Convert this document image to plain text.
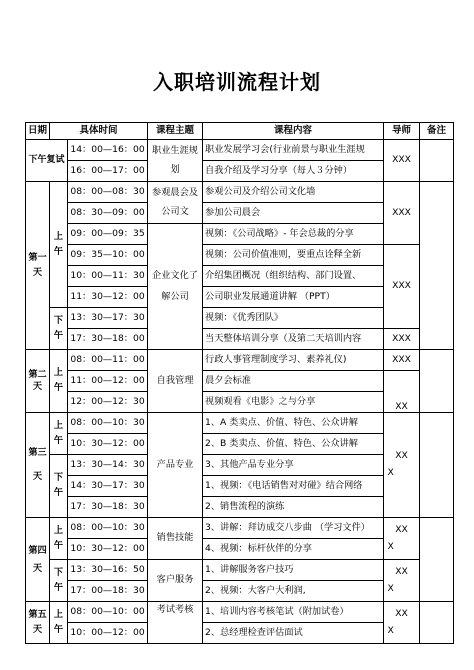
入职培训流程计划
日期	具体时间		课程主题	课程内容	导师	备注
下午复试		14：00—16：00	职业生涯规划	职业发展学习会(行业前景与职业生涯规	XXX	
		16：00—17：00		自我介绍及学习分享（每人３分钟）		
第一天	上午	08：00—08：30	参观晨会及公司文	参观公司及介绍公司文化墙	XXX	
		08：30—09：00		参加公司晨会		
		09：00—09：35	企业文化了解公司	视频：《公司战略》- 年会总裁的分享		
		09：35—10：00		视频：公司价值准则，要重点诠释全新	XXX	
		10：00—11：30		介绍集团概况（组织结构、部门设置、		
		11：30—12：00		公司职业发展通道讲解 （PPT）		
	下午	13：30—17：30		视频：《优秀团队》		
		17：30—18：00		当天整体培训分享（及第二天培训内容	XXX	
第二天	上午	08：00—11：00	自我管理	行政人事管理制度学习、素养礼仪)	XXX	
		11：00—12：00		晨夕会标准	XX	
		12：00—12：30		视频观看《电影》之与分享		
第三天	上午	08：00—10：30	产品专业	1、A 类卖点、价值、特色、公众讲解	XX
X	
		10：30—12：00		2、B 类卖点、价值、特色、公众讲解		
	下午	13：30—14：30		3、其他产品专业分享		
		14：30—17：30		1、视频：《电话销售对对碰》结合网络		
		17：30—18：30		2、销售流程的演练		
第四天	上午	08：00—10：30	销售技能	3、讲解：拜访成交八步曲 （学习文件）	XX
X	
		10：30—12：00		4、视频：标杆伙伴的分享		
	下午	13：30—16：50	客户服务	1、讲解服务客户技巧	XX
X	
		17：00—18：30		2、视频：大客户大利润,		
第五天	上午	08：00—10：00	考试考核	1、培训内容考核笔试（附加试卷）	XX
X	
		10：00—12：00		2、总经理检查评估面试		
